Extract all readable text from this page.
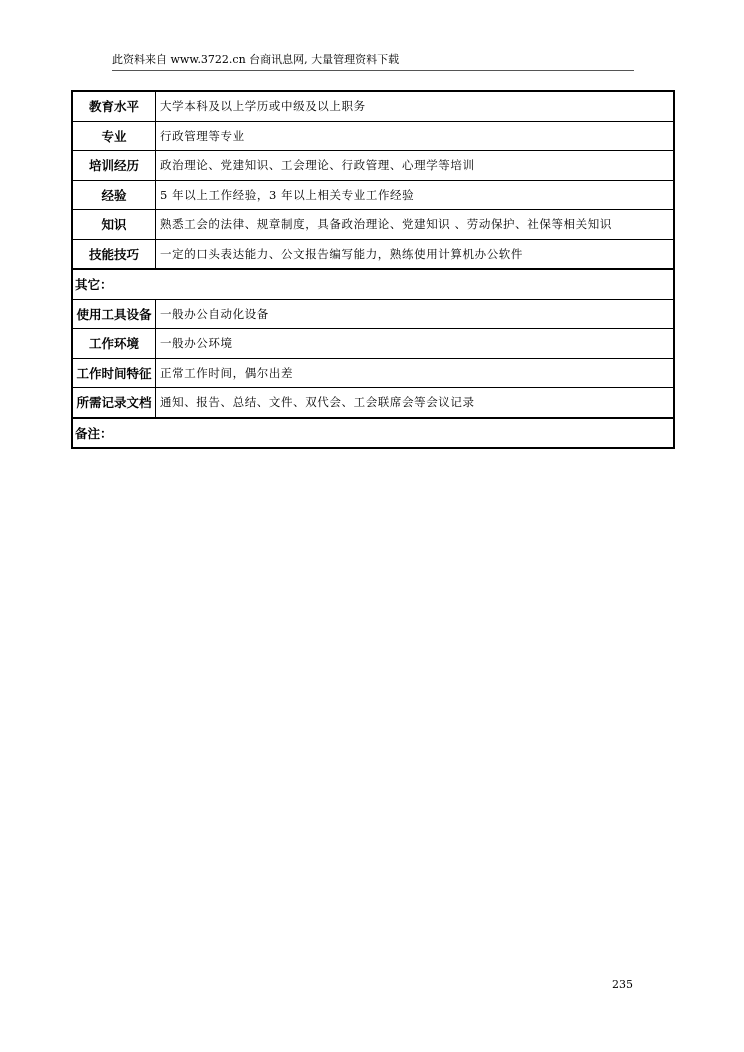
此资料来自 www.3722.cn 台商讯息网, 大量管理资料下载
教育水平	大学本科及以上学历或中级及以上职务
专业	行政管理等专业
培训经历	政治理论、党建知识、工会理论、行政管理、心理学等培训
经验	5 年以上工作经验，3 年以上相关专业工作经验
知识	熟悉工会的法律、规章制度，具备政治理论、党建知识 、劳动保护、社保等相关知识
技能技巧	一定的口头表达能力、公文报告编写能力，熟练使用计算机办公软件
其它：	
使用工具设备	一般办公自动化设备
工作环境	一般办公环境
工作时间特征	正常工作时间，偶尔出差
所需记录文档	通知、报告、总结、文件、双代会、工会联席会等会议记录
备注：	
235
